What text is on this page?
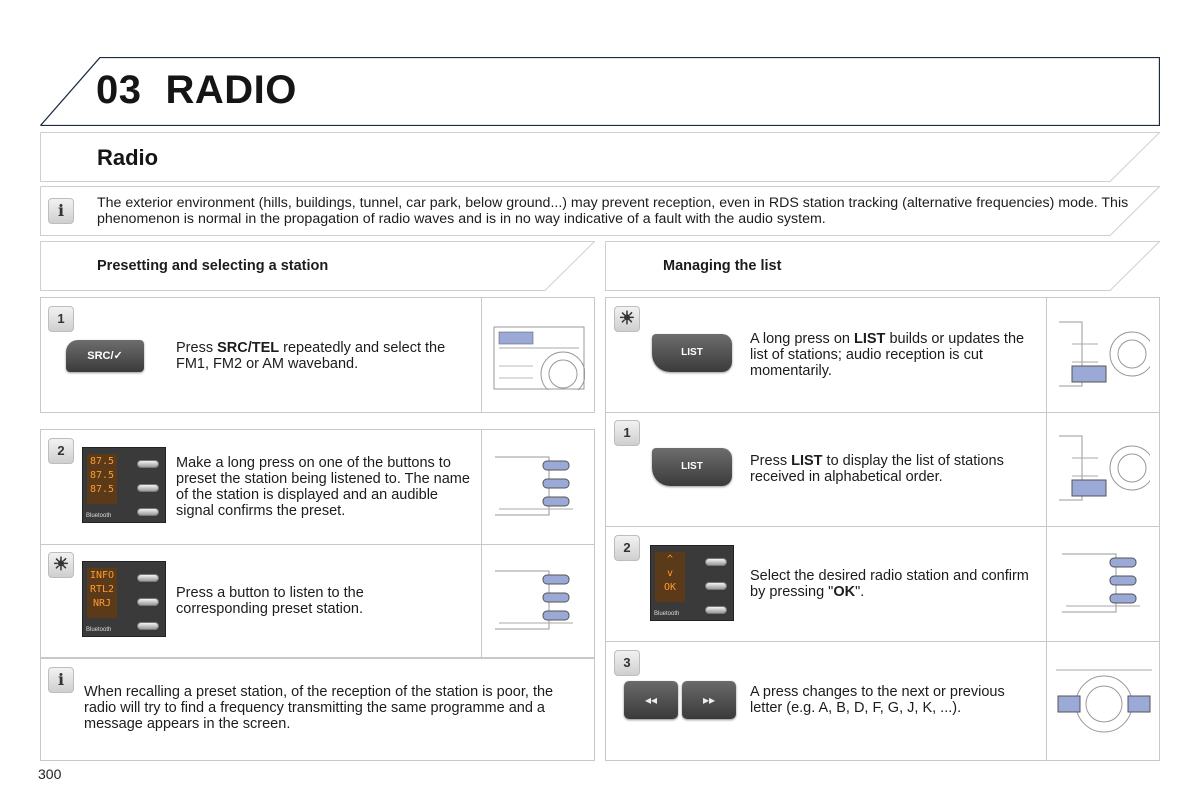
03 RADIO
Radio
i	The exterior environment (hills, buildings, tunnel, car park, below ground...) may prevent reception, even in RDS station tracking (alternative frequencies) mode. This phenomenon is normal in the propagation of radio waves and is in no way indicative of a fault with the audio system.
Presetting and selecting a station	Managing the list
1
SRC/✓	Press SRC/TEL repeatedly and select the FM1, FM2 or AM waveband.
2
87.5
87.5
87.5
Bluetooth
Make a long press on one of the buttons to preset the station being listened to. The name of the station is displayed and an audible signal confirms the preset.
☀
INFO
RTL2
NRJ
Bluetooth
Press a button to listen to the corresponding preset station.
i
When recalling a preset station, of the reception of the station is poor, the radio will try to find a frequency transmitting the same programme and a message appears in the screen.
☀
LIST
A long press on LIST builds or updates the list of stations; audio reception is cut momentarily.
1
LIST	Press LIST to display the list of stations received in alphabetical order.
2
^
v
OK
Bluetooth
Select the desired radio station and confirm by pressing "OK".
3
◂◂	▸▸	A press changes to the next or previous letter (e.g. A, B, D, F, G, J, K, ...).
300
